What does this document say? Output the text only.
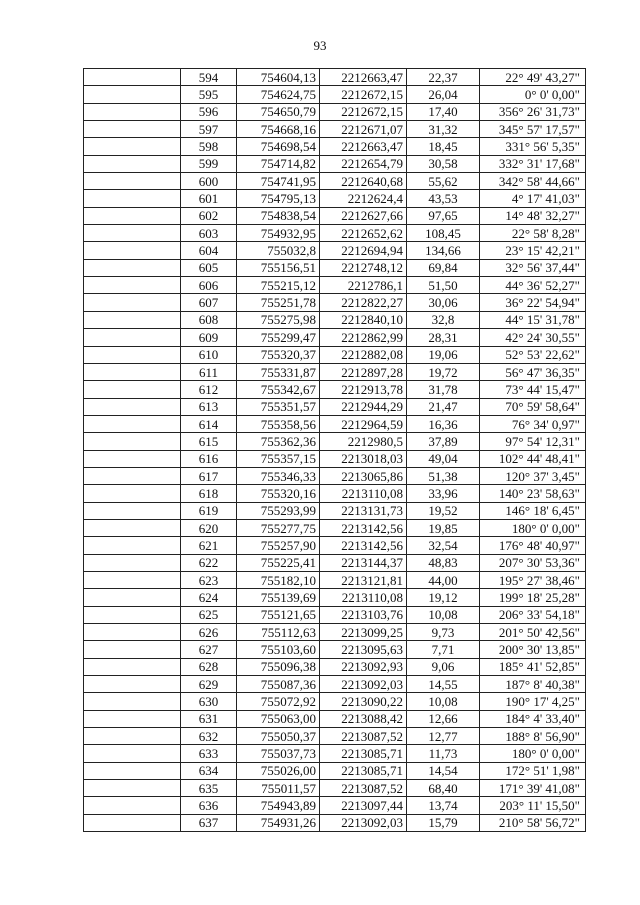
93
	594	754604,13	2212663,47	22,37	22° 49' 43,27"
	595	754624,75	2212672,15	26,04	0° 0' 0,00"
	596	754650,79	2212672,15	17,40	356° 26' 31,73"
	597	754668,16	2212671,07	31,32	345° 57' 17,57"
	598	754698,54	2212663,47	18,45	331° 56' 5,35"
	599	754714,82	2212654,79	30,58	332° 31' 17,68"
	600	754741,95	2212640,68	55,62	342° 58' 44,66"
	601	754795,13	2212624,4	43,53	4° 17' 41,03"
	602	754838,54	2212627,66	97,65	14° 48' 32,27"
	603	754932,95	2212652,62	108,45	22° 58' 8,28"
	604	755032,8	2212694,94	134,66	23° 15' 42,21"
	605	755156,51	2212748,12	69,84	32° 56' 37,44"
	606	755215,12	2212786,1	51,50	44° 36' 52,27"
	607	755251,78	2212822,27	30,06	36° 22' 54,94"
	608	755275,98	2212840,10	32,8	44° 15' 31,78"
	609	755299,47	2212862,99	28,31	42° 24' 30,55"
	610	755320,37	2212882,08	19,06	52° 53' 22,62"
	611	755331,87	2212897,28	19,72	56° 47' 36,35"
	612	755342,67	2212913,78	31,78	73° 44' 15,47"
	613	755351,57	2212944,29	21,47	70° 59' 58,64"
	614	755358,56	2212964,59	16,36	76° 34' 0,97"
	615	755362,36	2212980,5	37,89	97° 54' 12,31"
	616	755357,15	2213018,03	49,04	102° 44' 48,41"
	617	755346,33	2213065,86	51,38	120° 37' 3,45"
	618	755320,16	2213110,08	33,96	140° 23' 58,63"
	619	755293,99	2213131,73	19,52	146° 18' 6,45"
	620	755277,75	2213142,56	19,85	180° 0' 0,00"
	621	755257,90	2213142,56	32,54	176° 48' 40,97"
	622	755225,41	2213144,37	48,83	207° 30' 53,36"
	623	755182,10	2213121,81	44,00	195° 27' 38,46"
	624	755139,69	2213110,08	19,12	199° 18' 25,28"
	625	755121,65	2213103,76	10,08	206° 33' 54,18"
	626	755112,63	2213099,25	9,73	201° 50' 42,56"
	627	755103,60	2213095,63	7,71	200° 30' 13,85"
	628	755096,38	2213092,93	9,06	185° 41' 52,85"
	629	755087,36	2213092,03	14,55	187° 8' 40,38"
	630	755072,92	2213090,22	10,08	190° 17' 4,25"
	631	755063,00	2213088,42	12,66	184° 4' 33,40"
	632	755050,37	2213087,52	12,77	188° 8' 56,90"
	633	755037,73	2213085,71	11,73	180° 0' 0,00"
	634	755026,00	2213085,71	14,54	172° 51' 1,98"
	635	755011,57	2213087,52	68,40	171° 39' 41,08"
	636	754943,89	2213097,44	13,74	203° 11' 15,50"
	637	754931,26	2213092,03	15,79	210° 58' 56,72"
